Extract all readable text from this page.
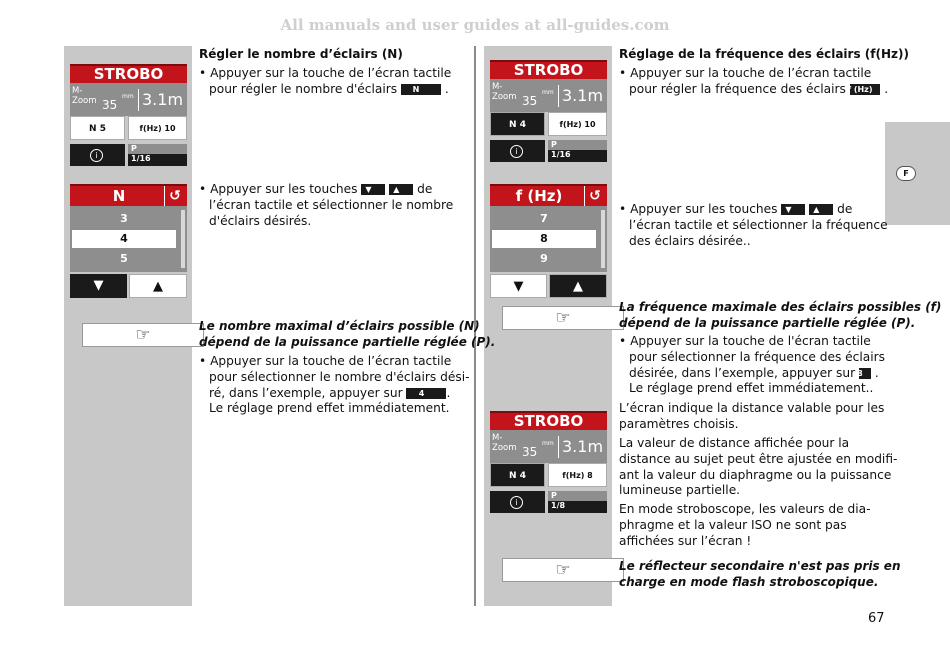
All manuals and user guides at all-guides.com
F
STROBO
M-
Zoom 35
mm 3.1m
N 5	f(Hz) 10
i
P
1/16
N	↺
3
4
5
▼	▲
☞
Régler le nombre d’éclairs (N)
• Appuyer sur la touche de l’écran tactile
pour régler le nombre d'éclairs N .
• Appuyer sur les touches ▼	▲ de
l’écran tactile et sélectionner le nombre
d'éclairs désirés.
Le nombre maximal d’éclairs possible (N)
dépend de la puissance partielle réglée (P).
• Appuyer sur la touche de l’écran tactile
pour sélectionner le nombre d'éclairs dési-
ré, dans l’exemple, appuyer sur 4 .
Le réglage prend effet immédiatement.
STROBO
M-
Zoom 35
mm 3.1m
N 4	f(Hz) 10
i
P
1/16
f (Hz)	↺
7
8
9
▼	▲
☞
STROBO
M-
Zoom 35
mm 3.1m
N 4	f(Hz) 8
i
P
1/8
☞
Réglage de la fréquence des éclairs (f(Hz))
• Appuyer sur la touche de l’écran tactile
pour régler la fréquence des éclairs f (Hz) .
• Appuyer sur les touches ▼	▲ de
l’écran tactile et sélectionner la fréquence
des éclairs désirée..
La fréquence maximale des éclairs possibles (f)
dépend de la puissance partielle réglée (P).
• Appuyer sur la touche de l'écran tactile
pour sélectionner la fréquence des éclairs
désirée, dans l’exemple, appuyer sur 8 .
Le réglage prend effet immédiatement..
L’écran indique la distance valable pour les
paramètres choisis.
La valeur de distance affichée pour la
distance au sujet peut être ajustée en modifi-
ant la valeur du diaphragme ou la puissance
lumineuse partielle.
En mode stroboscope, les valeurs de dia-
phragme et la valeur ISO ne sont pas
affichées sur l’écran !
Le réflecteur secondaire n'est pas pris en
charge en mode flash stroboscopique.
67
